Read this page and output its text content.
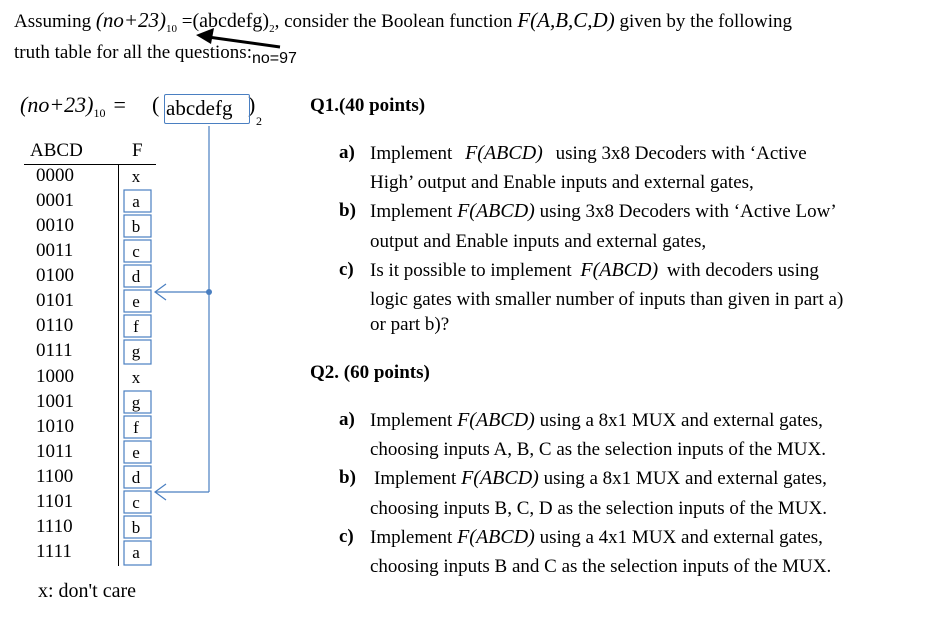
Assuming $(no+23)_{10}$ $=(abcdefg)_2$, consider the Boolean function F(A,B,C,D) given by the following
truth table for all the $questions:_{no=97}$
$(no+23)_{10}$ = (	)
2
abcdefg
ABCD	F
0000	x
0001	a
0010	b
0011	c
0100	d
0101	e
0110	f
0111	g
1000	x
1001	g
1010	f
1011	e
1100	d
1101	c
1110	b
1111	a
x: don't care
Q1.(40 points)
a) Implement F(ABCD) using 3x8 Decoders with ‘Active
High’ output and Enable inputs and external gates,
b) Implement F(ABCD) using 3x8 Decoders with ‘Active Low’
output and Enable inputs and external gates,
c) Is it possible to implement F(ABCD) with decoders using
logic gates with smaller number of inputs than given in part a)
or part b)?
Q2. (60 points)
a) Implement F(ABCD) using a 8x1 MUX and external gates,
choosing inputs A, B, C as the selection inputs of the MUX.
b) Implement F(ABCD) using a 8x1 MUX and external gates,
choosing inputs B, C, D as the selection inputs of the MUX.
c) Implement F(ABCD) using a 4x1 MUX and external gates,
choosing inputs B and C as the selection inputs of the MUX.
